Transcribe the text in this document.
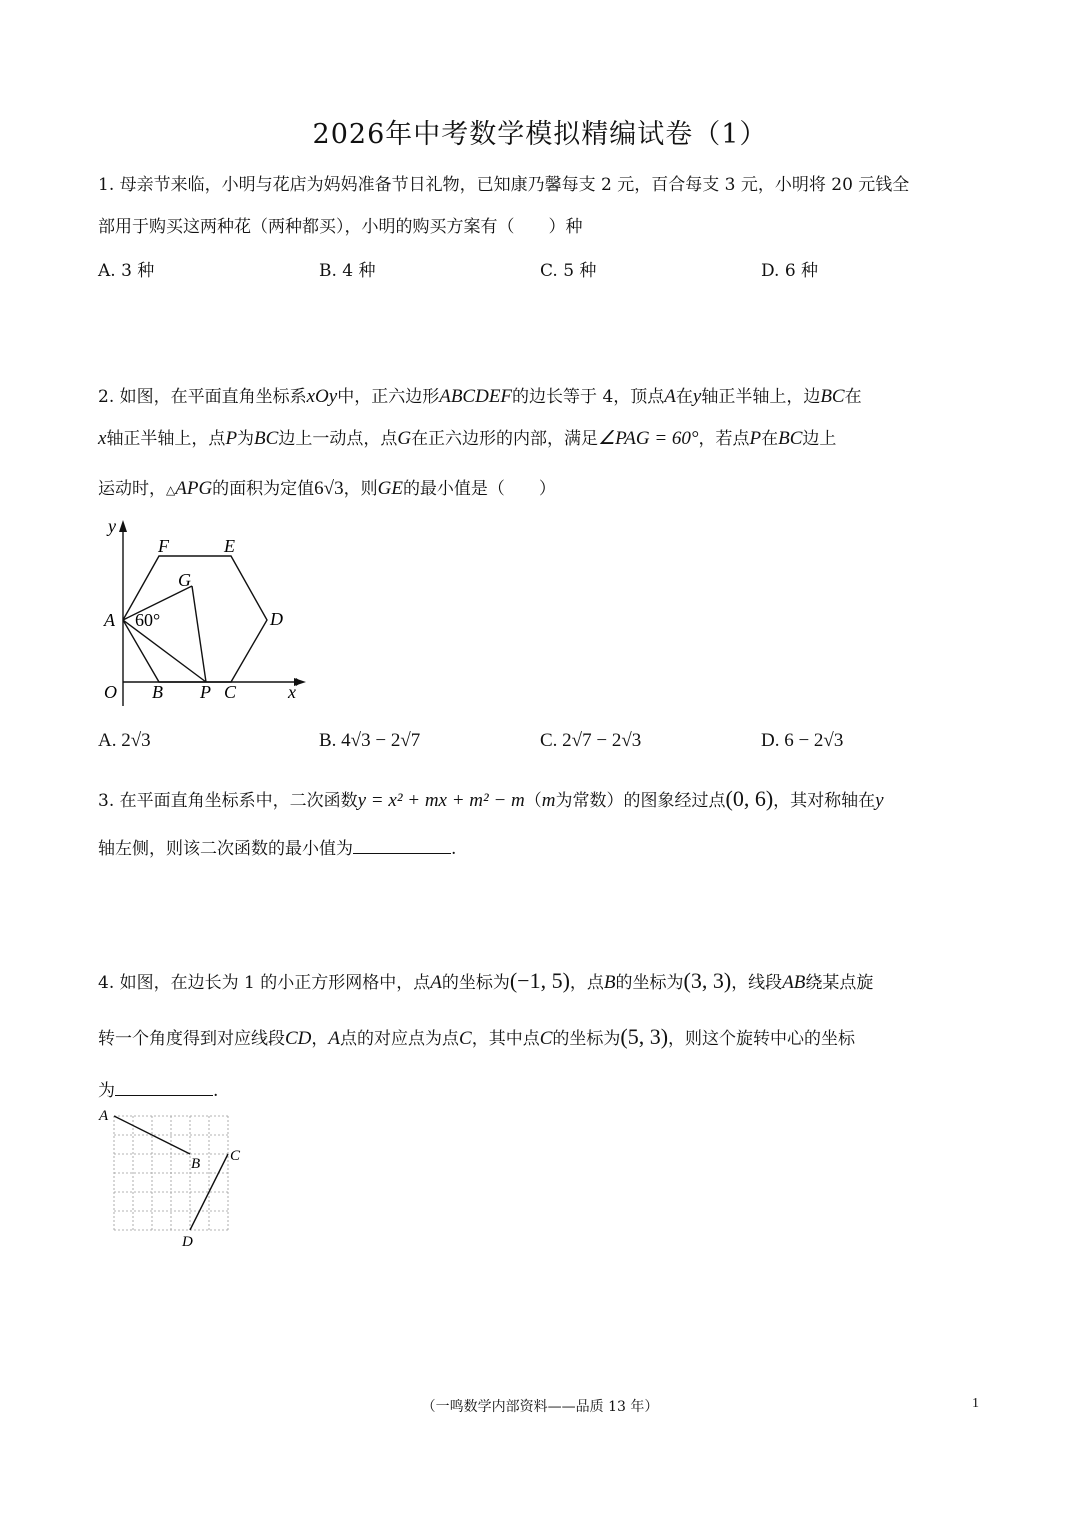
2026年中考数学模拟精编试卷（1）
1. 母亲节来临，小明与花店为妈妈准备节日礼物，已知康乃馨每支 2 元，百合每支 3 元，小明将 20 元钱全
部用于购买这两种花（两种都买），小明的购买方案有（　　）种
A. 3 种	B. 4 种	C. 5 种	D. 6 种
2. 如图，在平面直角坐标系xOy中，正六边形ABCDEF的边长等于 4，顶点A在y轴正半轴上，边BC在
x轴正半轴上，点P为BC边上一动点，点G在正六边形的内部，满足∠PAG = 60°，若点P在BC边上
运动时，△APG的面积为定值6√3，则GE的最小值是（　　）
y
x
O
A
B P C
D
E
F
G
60°
A. 2√3	B. 4√3 − 2√7	C. 2√7 − 2√3	D. 6 − 2√3
3. 在平面直角坐标系中，二次函数y = x² + mx + m² − m（m为常数）的图象经过点(0, 6)，其对称轴在y
轴左侧，则该二次函数的最小值为	.
4. 如图，在边长为 1 的小正方形网格中，点A的坐标为(−1, 5)，点B的坐标为(3, 3)，线段AB绕某点旋
转一个角度得到对应线段CD，A点的对应点为点C，其中点C的坐标为(5, 3)，则这个旋转中心的坐标
为	.
A
B C
D
（一鸣数学内部资料——品质 13 年）	1
